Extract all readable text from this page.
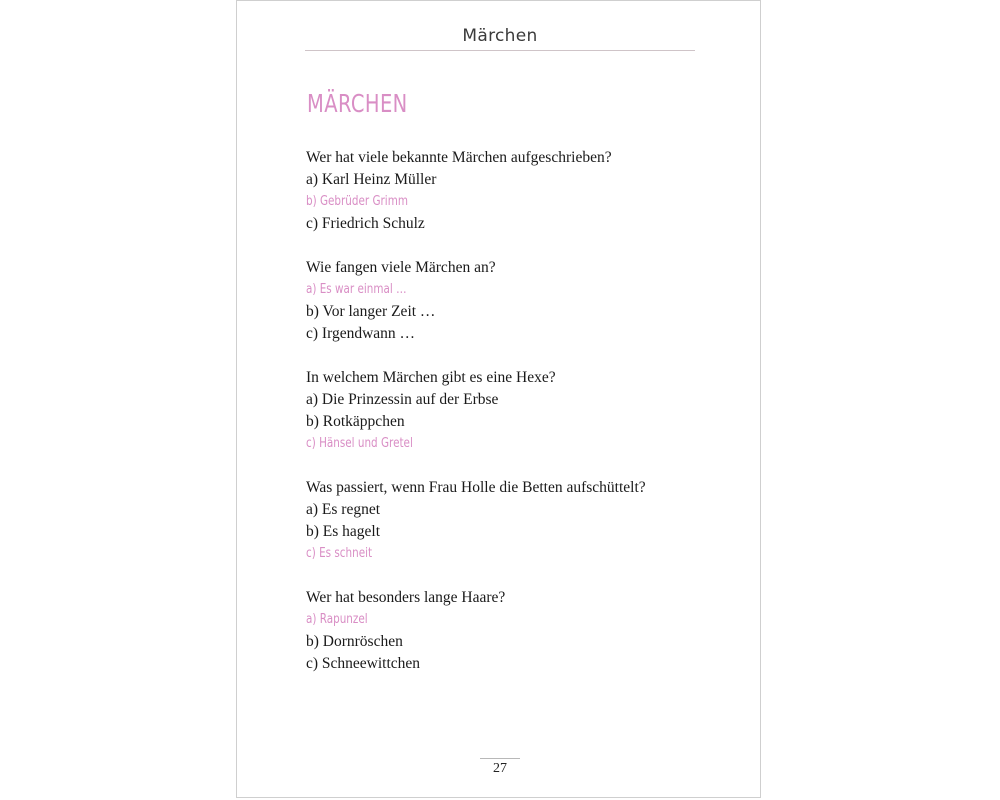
Märchen
MÄRCHEN
Wer hat viele bekannte Märchen aufgeschrieben?
a) Karl Heinz Müller
b) Gebrüder Grimm
c) Friedrich Schulz
Wie fangen viele Märchen an?
a) Es war einmal …
b) Vor langer Zeit …
c) Irgendwann …
In welchem Märchen gibt es eine Hexe?
a) Die Prinzessin auf der Erbse
b) Rotkäppchen
c) Hänsel und Gretel
Was passiert, wenn Frau Holle die Betten aufschüttelt?
a) Es regnet
b) Es hagelt
c) Es schneit
Wer hat besonders lange Haare?
a) Rapunzel
b) Dornröschen
c) Schneewittchen
27
